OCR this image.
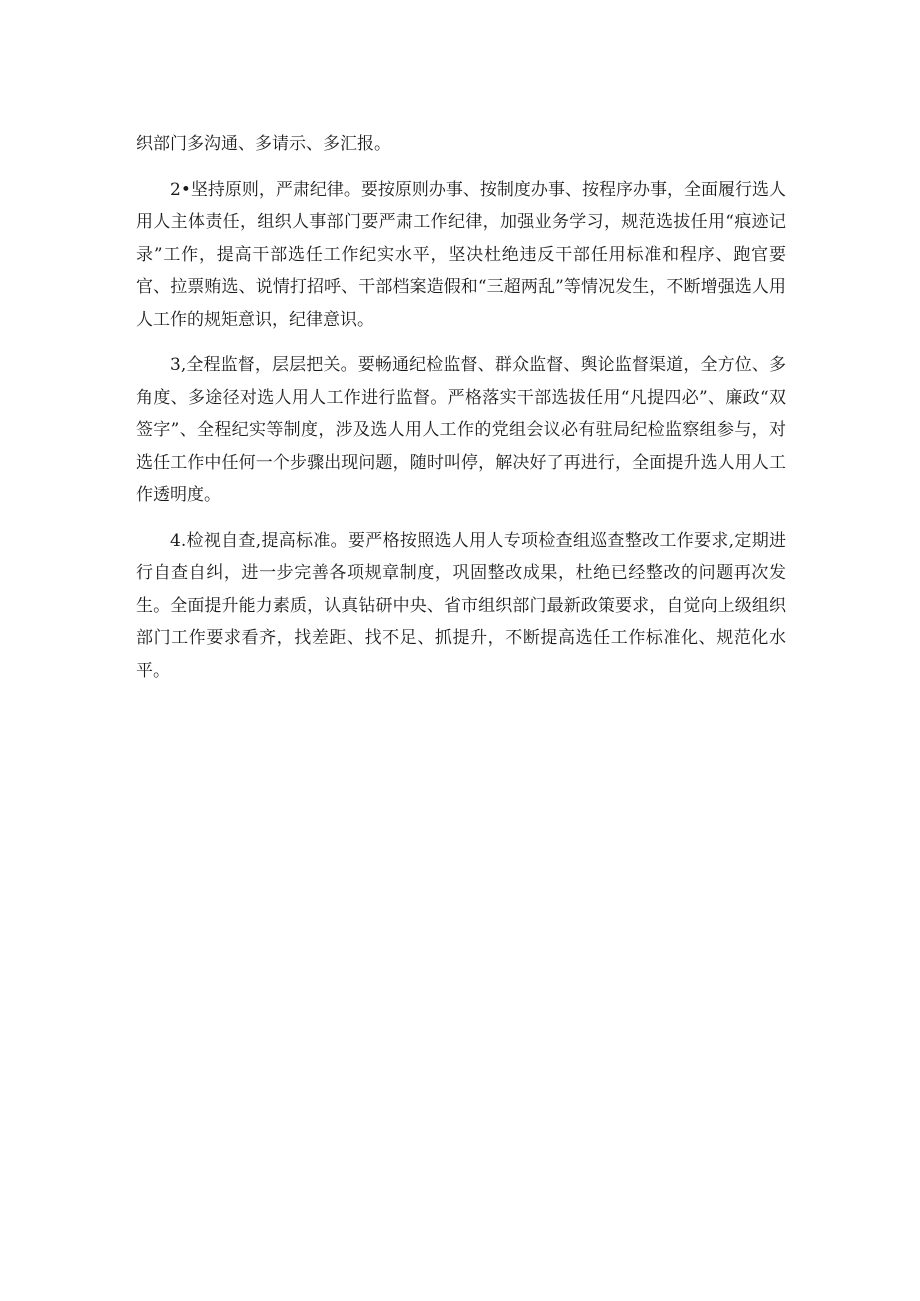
织部门多沟通、多请示、多汇报。

2•坚持原则，严肃纪律。要按原则办事、按制度办事、按程序办事，全面履行选人用人主体责任，组织人事部门要严肃工作纪律，加强业务学习，规范选拔任用“痕迹记录”工作，提高干部选任工作纪实水平，坚决杜绝违反干部任用标准和程序、跑官要官、拉票贿选、说情打招呼、干部档案造假和“三超两乱”等情况发生，不断增强选人用人工作的规矩意识，纪律意识。

3,全程监督，层层把关。要畅通纪检监督、群众监督、舆论监督渠道，全方位、多角度、多途径对选人用人工作进行监督。严格落实干部选拔任用“凡提四必”、廉政“双签字”、全程纪实等制度，涉及选人用人工作的党组会议必有驻局纪检监察组参与，对选任工作中任何一个步骤出现问题，随时叫停，解决好了再进行，全面提升选人用人工作透明度。

4.检视自查,提高标准。要严格按照选人用人专项检查组巡查整改工作要求,定期进行自查自纠，进一步完善各项规章制度，巩固整改成果，杜绝已经整改的问题再次发生。全面提升能力素质，认真钻研中央、省市组织部门最新政策要求，自觉向上级组织部门工作要求看齐，找差距、找不足、抓提升，不断提高选任工作标准化、规范化水平。
